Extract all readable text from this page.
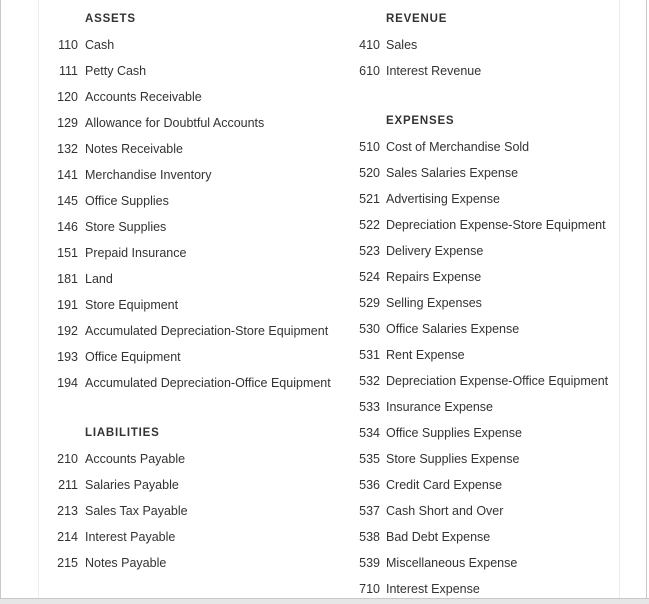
ASSETS
110 Cash
111 Petty Cash
120 Accounts Receivable
129 Allowance for Doubtful Accounts
132 Notes Receivable
141 Merchandise Inventory
145 Office Supplies
146 Store Supplies
151 Prepaid Insurance
181 Land
191 Store Equipment
192 Accumulated Depreciation-Store Equipment
193 Office Equipment
194 Accumulated Depreciation-Office Equipment
LIABILITIES
210 Accounts Payable
211 Salaries Payable
213 Sales Tax Payable
214 Interest Payable
215 Notes Payable
REVENUE
410 Sales
610 Interest Revenue
EXPENSES
510 Cost of Merchandise Sold
520 Sales Salaries Expense
521 Advertising Expense
522 Depreciation Expense-Store Equipment
523 Delivery Expense
524 Repairs Expense
529 Selling Expenses
530 Office Salaries Expense
531 Rent Expense
532 Depreciation Expense-Office Equipment
533 Insurance Expense
534 Office Supplies Expense
535 Store Supplies Expense
536 Credit Card Expense
537 Cash Short and Over
538 Bad Debt Expense
539 Miscellaneous Expense
710 Interest Expense
